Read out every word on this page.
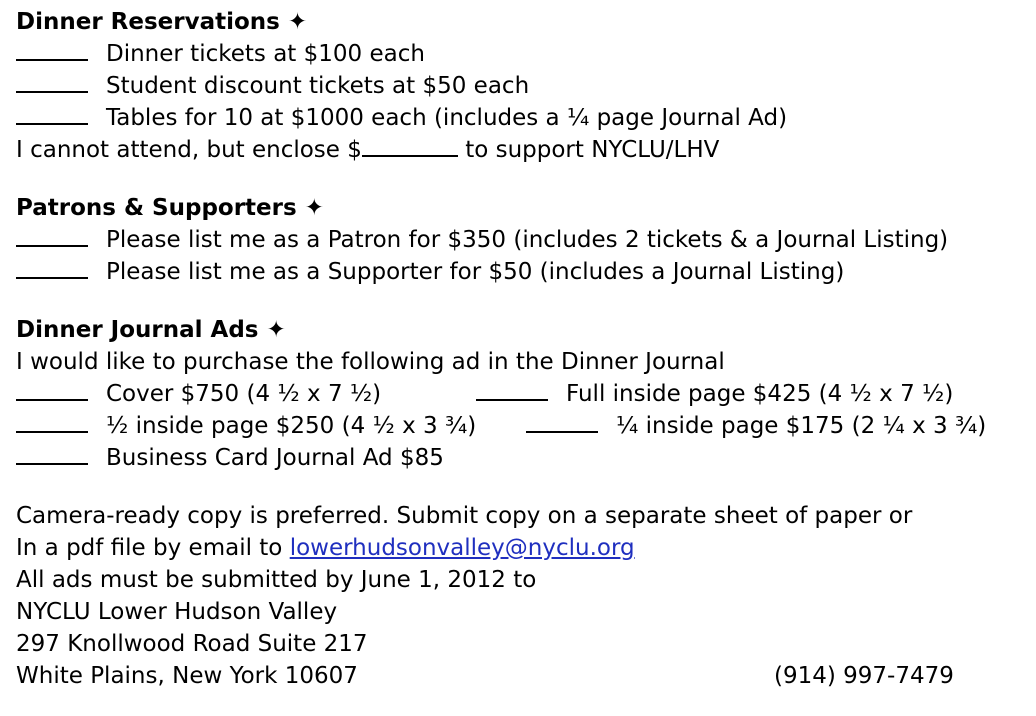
Dinner Reservations ✦
Dinner tickets at $100 each
Student discount tickets at $50 each
Tables for 10 at $1000 each (includes a ¼ page Journal Ad)
I cannot attend, but enclose $	to support NYCLU/LHV
Patrons & Supporters ✦
Please list me as a Patron for $350 (includes 2 tickets & a Journal Listing)
Please list me as a Supporter for $50 (includes a Journal Listing)
Dinner Journal Ads ✦
I would like to purchase the following ad in the Dinner Journal
Cover $750 (4 ½ x 7 ½)	Full inside page $425 (4 ½ x 7 ½)
½ inside page $250 (4 ½ x 3 ¾)	¼ inside page $175 (2 ¼ x 3 ¾)
Business Card Journal Ad $85
Camera-ready copy is preferred. Submit copy on a separate sheet of paper or
In a pdf file by email to lowerhudsonvalley@nyclu.org
All ads must be submitted by June 1, 2012 to
NYCLU Lower Hudson Valley
297 Knollwood Road Suite 217
White Plains, New York 10607	(914) 997-7479
